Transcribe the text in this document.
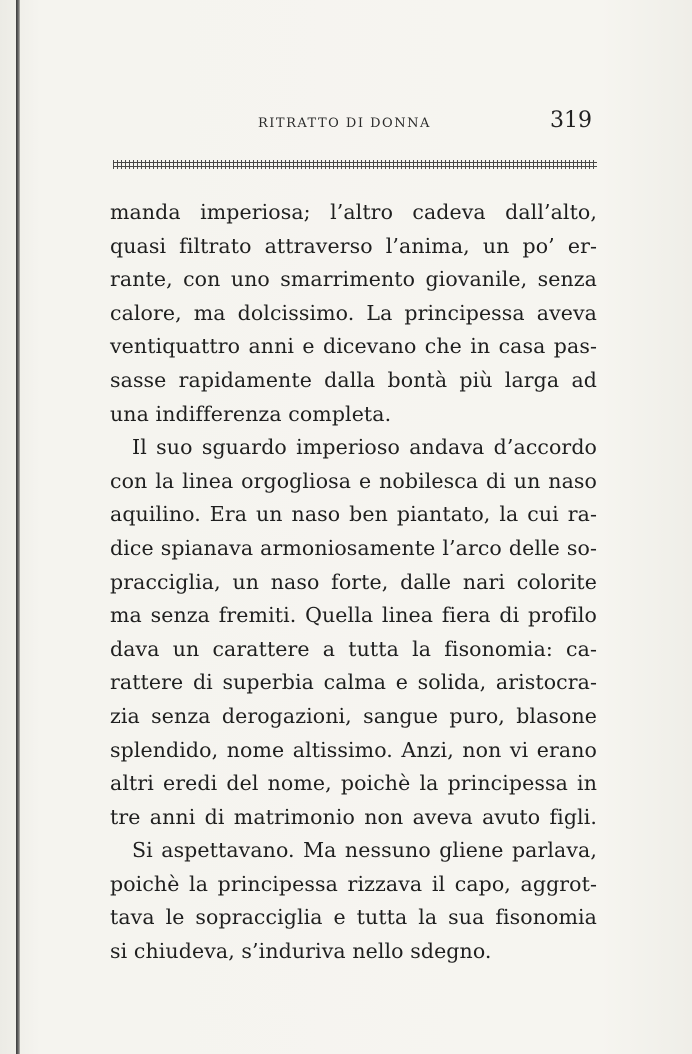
RITRATTO DI DONNA	319
manda imperiosa; l’altro cadeva dall’alto,
quasi filtrato attraverso l’anima, un po’ er-
rante, con uno smarrimento giovanile, senza
calore, ma dolcissimo. La principessa aveva
ventiquattro anni e dicevano che in casa pas-
sasse rapidamente dalla bontà più larga ad
una indifferenza completa.
Il suo sguardo imperioso andava d’accordo
con la linea orgogliosa e nobilesca di un naso
aquilino. Era un naso ben piantato, la cui ra-
dice spianava armoniosamente l’arco delle so-
pracciglia, un naso forte, dalle nari colorite
ma senza fremiti. Quella linea fiera di profilo
dava un carattere a tutta la fisonomia: ca-
rattere di superbia calma e solida, aristocra-
zia senza derogazioni, sangue puro, blasone
splendido, nome altissimo. Anzi, non vi erano
altri eredi del nome, poichè la principessa in
tre anni di matrimonio non aveva avuto figli.
Si aspettavano. Ma nessuno gliene parlava,
poichè la principessa rizzava il capo, aggrot-
tava le sopracciglia e tutta la sua fisonomia
si chiudeva, s’induriva nello sdegno.
